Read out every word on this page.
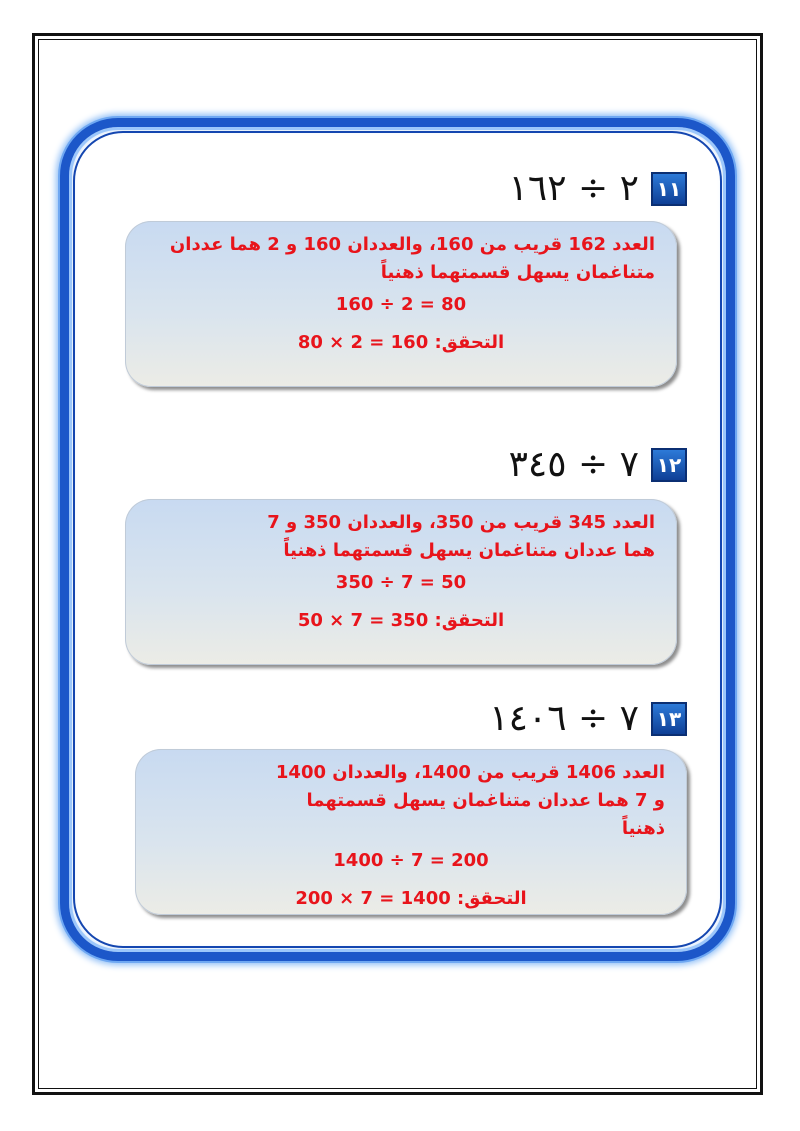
١١
٢ ÷ ١٦٢
العدد 162 قريب من 160، والعددان 160 و 2 هما عددان متناغمان يسهل قسمتهما ذهنياً
160 ÷ 2 = 80
التحقق: 80 × 2 = 160
١٢
٧ ÷ ٣٤٥
العدد 345 قريب من 350، والعددان 350 و 7 هما عددان متناغمان يسهل قسمتهما ذهنياً
350 ÷ 7 = 50
التحقق: 50 × 7 = 350
١٣
٧ ÷ ١٤٠٦
العدد 1406 قريب من 1400، والعددان 1400 و 7 هما عددان متناغمان يسهل قسمتهما ذهنياً
1400 ÷ 7 = 200
التحقق: 200 × 7 = 1400
